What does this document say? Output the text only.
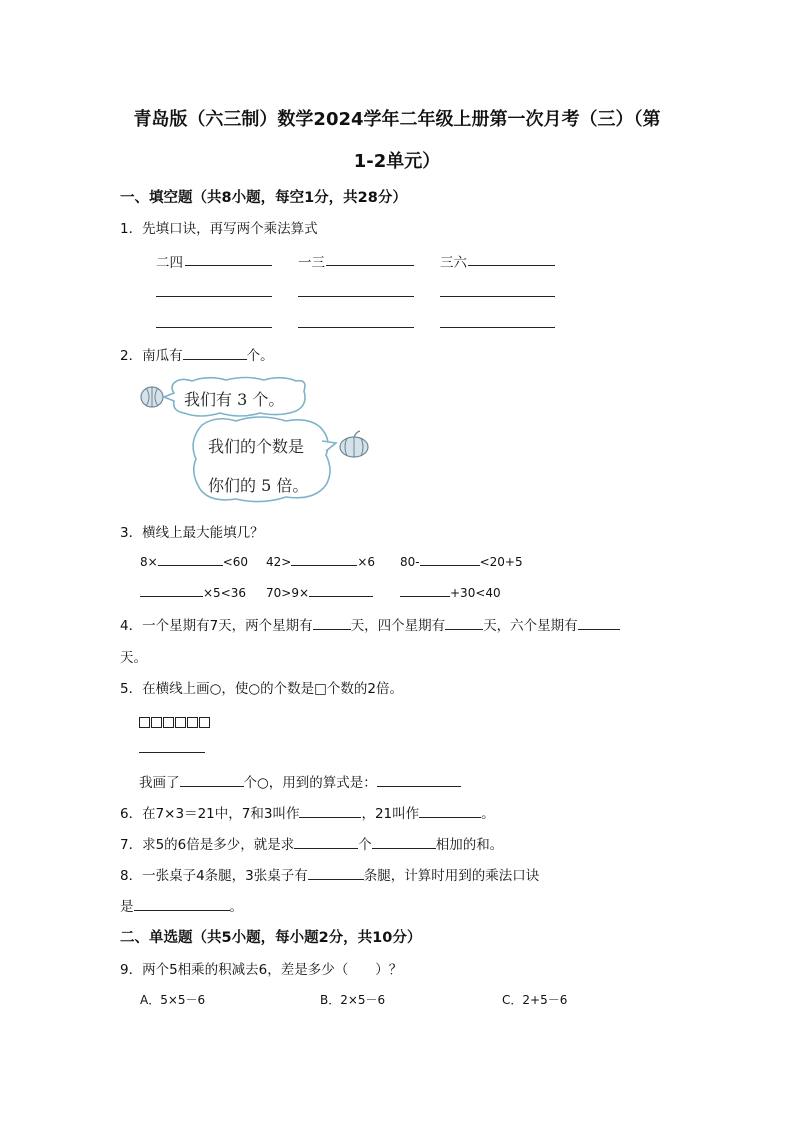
青岛版（六三制）数学2024学年二年级上册第一次月考（三）（第
1-2单元）
一、填空题（共8小题，每空1分，共28分）
1．先填口诀，再写两个乘法算式
二四	一三	三六
2．南瓜有	个。
我们有 3 个。
我们的个数是
你们的 5 倍。
3．横线上最大能填几？
8×	<60 42>	×6 80-	<20+5
×5<36 70>9×	+30<40
4．一个星期有7天，两个星期有	天，四个星期有	天，六个星期有
天。
5．在横线上画○，使○的个数是□个数的2倍。
我画了	个○，用到的算式是：
6．在7×3＝21中，7和3叫作	，21叫作	。
7．求5的6倍是多少，就是求	个	相加的和。
8．一张桌子4条腿，3张桌子有	条腿，计算时用到的乘法口诀
是	。
二、单选题（共5小题，每小题2分，共10分）
9．两个5相乘的积减去6，差是多少（　　）？
A．5×5－6	B．2×5－6	C．2+5－6
